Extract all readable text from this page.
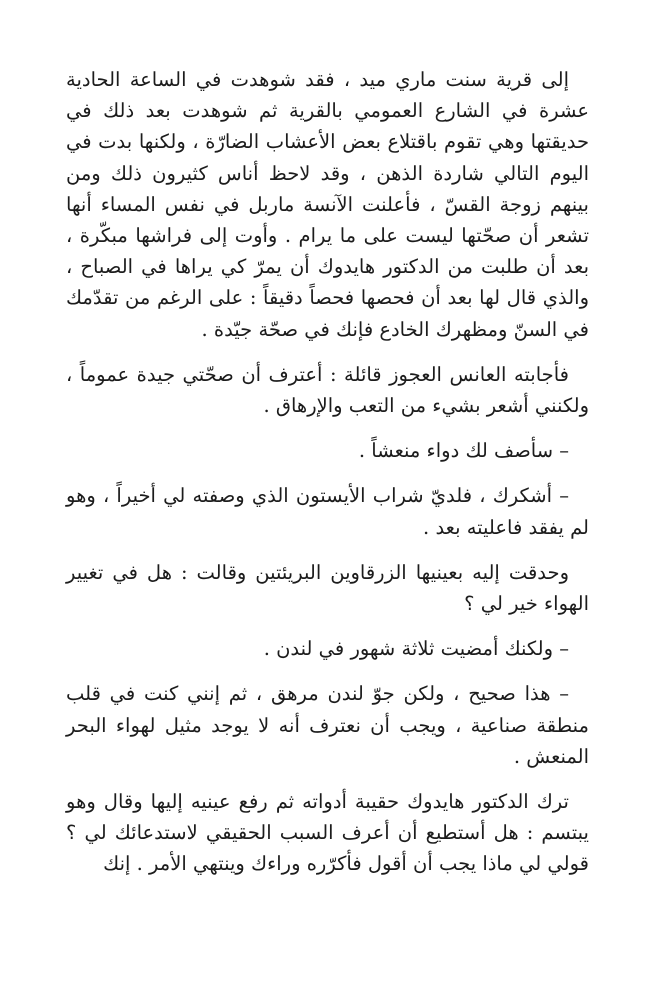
إلى قرية سنت ماري ميد ، فقد شوهدت في الساعة الحادية عشرة في الشارع العمومي بالقرية ثم شوهدت بعد ذلك في حديقتها وهي تقوم باقتلاع بعض الأعشاب الضارّة ، ولكنها بدت في اليوم التالي شاردة الذهن ، وقد لاحظ أناس كثيرون ذلك ومن بينهم زوجة القسّ ، فأعلنت الآنسة ماربل في نفس المساء أنها تشعر أن صحّتها ليست على ما يرام . وأوت إلى فراشها مبكّرة ، بعد أن طلبت من الدكتور هايدوك أن يمرّ كي يراها في الصباح ، والذي قال لها بعد أن فحصها فحصاً دقيقاً : على الرغم من تقدّمك في السنّ ومظهرك الخادع فإنك في صحّة جيّدة .

فأجابته العانس العجوز قائلة : أعترف أن صحّتي جيدة عموماً ، ولكنني أشعر بشيء من التعب والإرهاق .

– سأصف لك دواء منعشاً .

– أشكرك ، فلديّ شراب الأيستون الذي وصفته لي أخيراً ، وهو لم يفقد فاعليته بعد .

وحدقت إليه بعينيها الزرقاوين البريئتين وقالت : هل في تغيير الهواء خير لي ؟

– ولكنك أمضيت ثلاثة شهور في لندن .

– هذا صحيح ، ولكن جوّ لندن مرهق ، ثم إنني كنت في قلب منطقة صناعية ، ويجب أن نعترف أنه لا يوجد مثيل لهواء البحر المنعش .

ترك الدكتور هايدوك حقيبة أدواته ثم رفع عينيه إليها وقال وهو يبتسم : هل أستطيع أن أعرف السبب الحقيقي لاستدعائك لي ؟ قولي لي ماذا يجب أن أقول فأكرّره وراءك وينتهي الأمر . إنك
